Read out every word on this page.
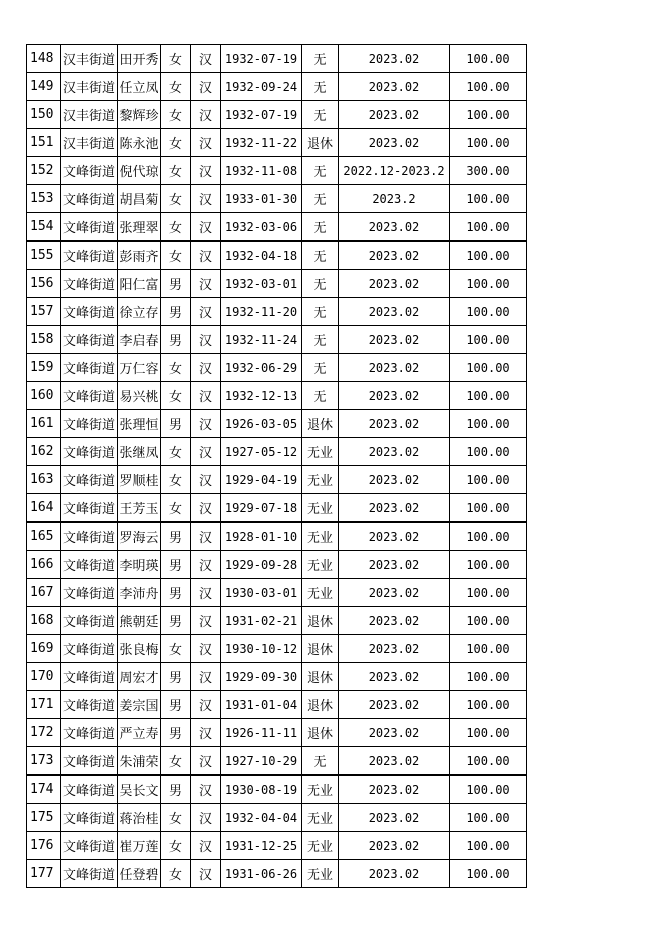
148	汉丰街道	田开秀	女	汉	1932-07-19	无	2023.02	100.00
149	汉丰街道	任立凤	女	汉	1932-09-24	无	2023.02	100.00
150	汉丰街道	黎辉珍	女	汉	1932-07-19	无	2023.02	100.00
151	汉丰街道	陈永池	女	汉	1932-11-22	退休	2023.02	100.00
152	文峰街道	倪代琼	女	汉	1932-11-08	无	2022.12-2023.2	300.00
153	文峰街道	胡昌菊	女	汉	1933-01-30	无	2023.2	100.00
154	文峰街道	张理翠	女	汉	1932-03-06	无	2023.02	100.00
155	文峰街道	彭雨齐	女	汉	1932-04-18	无	2023.02	100.00
156	文峰街道	阳仁富	男	汉	1932-03-01	无	2023.02	100.00
157	文峰街道	徐立存	男	汉	1932-11-20	无	2023.02	100.00
158	文峰街道	李启春	男	汉	1932-11-24	无	2023.02	100.00
159	文峰街道	万仁容	女	汉	1932-06-29	无	2023.02	100.00
160	文峰街道	易兴桃	女	汉	1932-12-13	无	2023.02	100.00
161	文峰街道	张理恒	男	汉	1926-03-05	退休	2023.02	100.00
162	文峰街道	张继凤	女	汉	1927-05-12	无业	2023.02	100.00
163	文峰街道	罗顺桂	女	汉	1929-04-19	无业	2023.02	100.00
164	文峰街道	王芳玉	女	汉	1929-07-18	无业	2023.02	100.00
165	文峰街道	罗海云	男	汉	1928-01-10	无业	2023.02	100.00
166	文峰街道	李明瑛	男	汉	1929-09-28	无业	2023.02	100.00
167	文峰街道	李沛舟	男	汉	1930-03-01	无业	2023.02	100.00
168	文峰街道	熊朝廷	男	汉	1931-02-21	退休	2023.02	100.00
169	文峰街道	张良梅	女	汉	1930-10-12	退休	2023.02	100.00
170	文峰街道	周宏才	男	汉	1929-09-30	退休	2023.02	100.00
171	文峰街道	姜宗国	男	汉	1931-01-04	退休	2023.02	100.00
172	文峰街道	严立寿	男	汉	1926-11-11	退休	2023.02	100.00
173	文峰街道	朱浦荣	女	汉	1927-10-29	无	2023.02	100.00
174	文峰街道	吴长文	男	汉	1930-08-19	无业	2023.02	100.00
175	文峰街道	蒋治桂	女	汉	1932-04-04	无业	2023.02	100.00
176	文峰街道	崔万莲	女	汉	1931-12-25	无业	2023.02	100.00
177	文峰街道	任登碧	女	汉	1931-06-26	无业	2023.02	100.00
